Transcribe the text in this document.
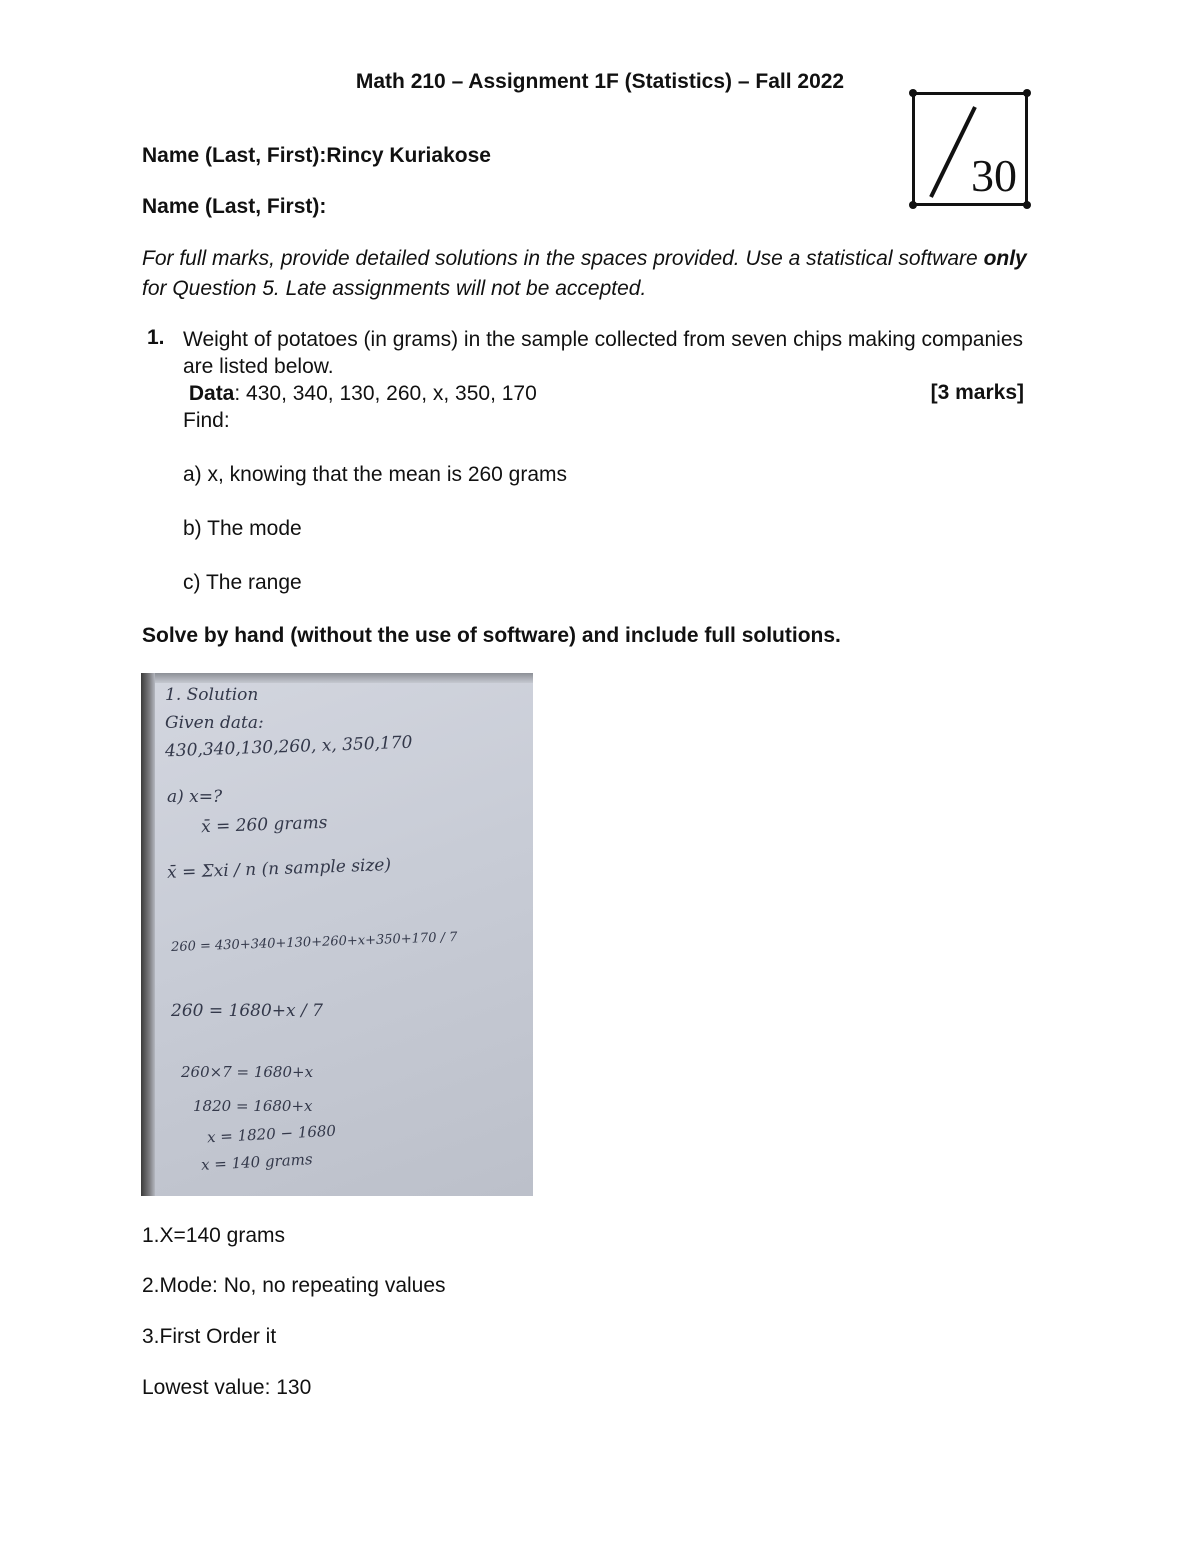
Math 210 – Assignment 1F (Statistics) – Fall 2022
30
Name (Last, First):Rincy Kuriakose
Name (Last, First):
For full marks, provide detailed solutions in the spaces provided. Use a statistical software only for Question 5. Late assignments will not be accepted.
1. Weight of potatoes (in grams) in the sample collected from seven chips making companies are listed below.
Data: 430, 340, 130, 260, x, 350, 170
Find:
a) x, knowing that the mean is 260 grams
b) The mode
c) The range
[3 marks]
Solve by hand (without the use of software) and include full solutions.
1. Solution
Given data:
430,340,130,260, x, 350,170
a) x=?
x̄ = 260 grams
x̄ = Σxi / n (n sample size)
260 = 430+340+130+260+x+350+170 / 7
260 = 1680+x / 7
260×7 = 1680+x
1820 = 1680+x
x = 1820 − 1680
x = 140 grams
1.X=140 grams
2.Mode: No, no repeating values
3.First Order it
Lowest value: 130
